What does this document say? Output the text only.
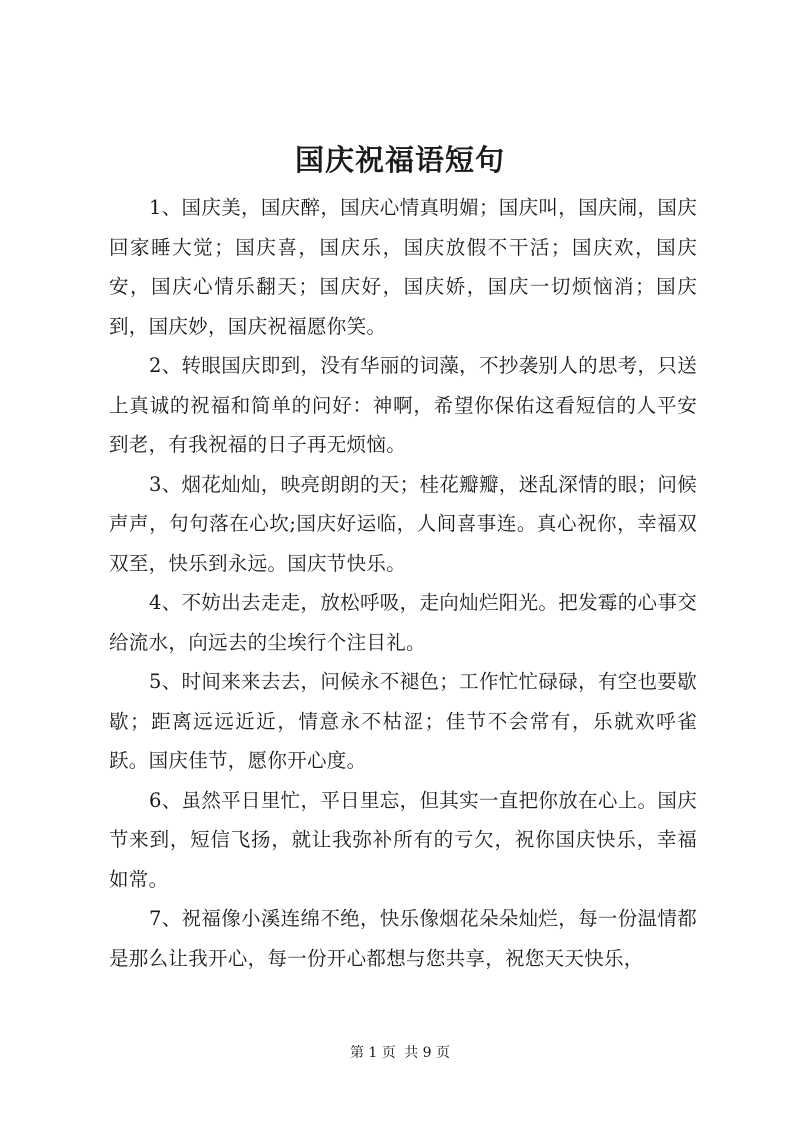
国庆祝福语短句

1、国庆美，国庆醉，国庆心情真明媚；国庆叫，国庆闹，国庆回家睡大觉；国庆喜，国庆乐，国庆放假不干活；国庆欢，国庆安，国庆心情乐翻天；国庆好，国庆娇，国庆一切烦恼消；国庆到，国庆妙，国庆祝福愿你笑。

2、转眼国庆即到，没有华丽的词藻，不抄袭别人的思考，只送上真诚的祝福和简单的问好：神啊，希望你保佑这看短信的人平安到老，有我祝福的日子再无烦恼。

3、烟花灿灿，映亮朗朗的天；桂花瓣瓣，迷乱深情的眼；问候声声，句句落在心坎;国庆好运临，人间喜事连。真心祝你，幸福双双至，快乐到永远。国庆节快乐。

4、不妨出去走走，放松呼吸，走向灿烂阳光。把发霉的心事交给流水，向远去的尘埃行个注目礼。

5、时间来来去去，问候永不褪色；工作忙忙碌碌，有空也要歇歇；距离远远近近，情意永不枯涩；佳节不会常有，乐就欢呼雀跃。国庆佳节，愿你开心度。

6、虽然平日里忙，平日里忘，但其实一直把你放在心上。国庆节来到，短信飞扬，就让我弥补所有的亏欠，祝你国庆快乐，幸福如常。

7、祝福像小溪连绵不绝，快乐像烟花朵朵灿烂，每一份温情都是那么让我开心，每一份开心都想与您共享，祝您天天快乐，

第 1 页 共 9 页
